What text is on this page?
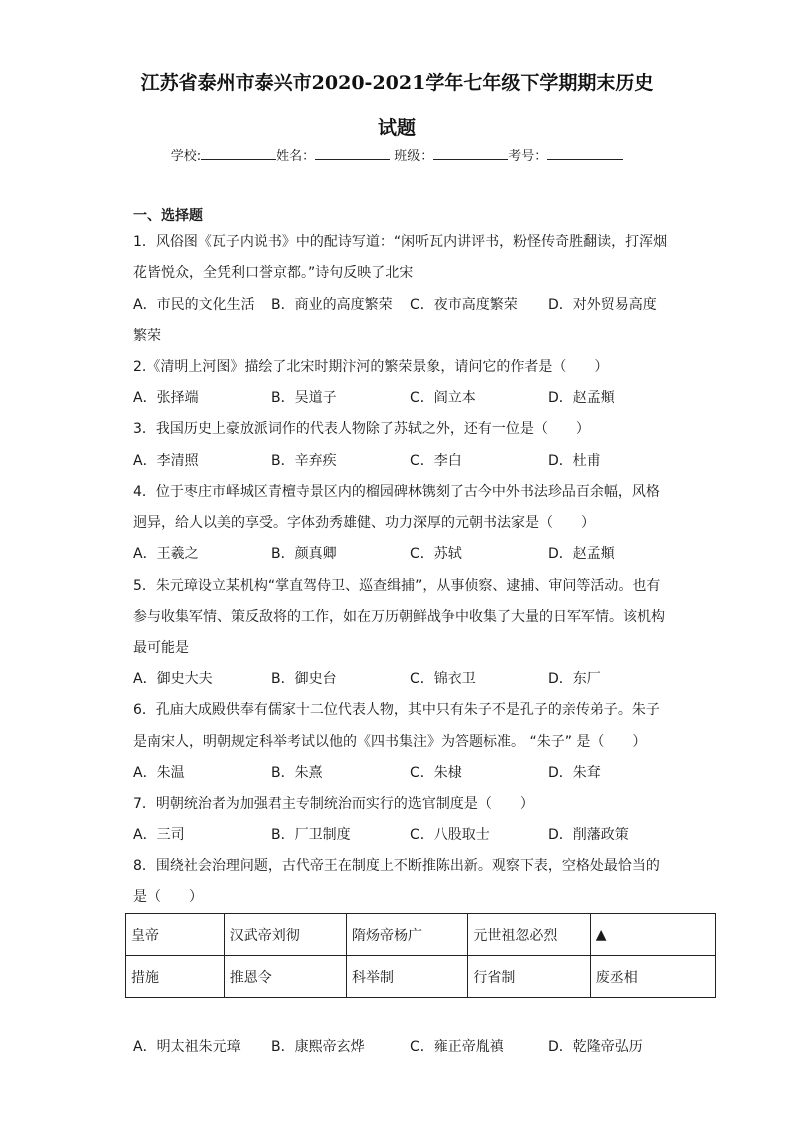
江苏省泰州市泰兴市2020-2021学年七年级下学期期末历史
试题
学校:	姓名：	班级：	考号：
一、选择题
1．风俗图《瓦子内说书》中的配诗写道：“闲听瓦内讲评书，粉怪传奇胜翻读，打浑烟
花皆悦众，全凭利口誉京都。”诗句反映了北宋
A．市民的文化生活 B．商业的高度繁荣 C．夜市高度繁荣 D．对外贸易高度
繁荣
2.《清明上河图》描绘了北宋时期汴河的繁荣景象，请问它的作者是（　　）
A．张择端	B．吴道子	C．阎立本	D．赵孟頫
3．我国历史上豪放派词作的代表人物除了苏轼之外，还有一位是（　　）
A．李清照	B．辛弃疾	C．李白	D．杜甫
4．位于枣庄市峄城区青檀寺景区内的榴园碑林镌刻了古今中外书法珍品百余幅，风格
迥异，给人以美的享受。字体劲秀雄健、功力深厚的元朝书法家是（　　）
A．王羲之	B．颜真卿	C．苏轼	D．赵孟頫
5．朱元璋设立某机构“掌直驾侍卫、巡查缉捕”，从事侦察、逮捕、审问等活动。也有
参与收集军情、策反敌将的工作，如在万历朝鲜战争中收集了大量的日军军情。该机构
最可能是
A．御史大夫	B．御史台	C．锦衣卫	D．东厂
6．孔庙大成殿供奉有儒家十二位代表人物，其中只有朱子不是孔子的亲传弟子。朱子
是南宋人，明朝规定科举考试以他的《四书集注》为答题标准。 “朱子” 是（　　）
A．朱温	B．朱熹	C．朱棣	D．朱耷
7．明朝统治者为加强君主专制统治而实行的选官制度是（　　）
A．三司	B．厂卫制度	C．八股取士	D．削藩政策
8．围绕社会治理问题，古代帝王在制度上不断推陈出新。观察下表，空格处最恰当的
是（　　）
皇帝	汉武帝刘彻	隋炀帝杨广	元世祖忽必烈	▲
措施	推恩令	科举制	行省制	废丞相
A．明太祖朱元璋 B．康熙帝玄烨	C．雍正帝胤禛	D．乾隆帝弘历
